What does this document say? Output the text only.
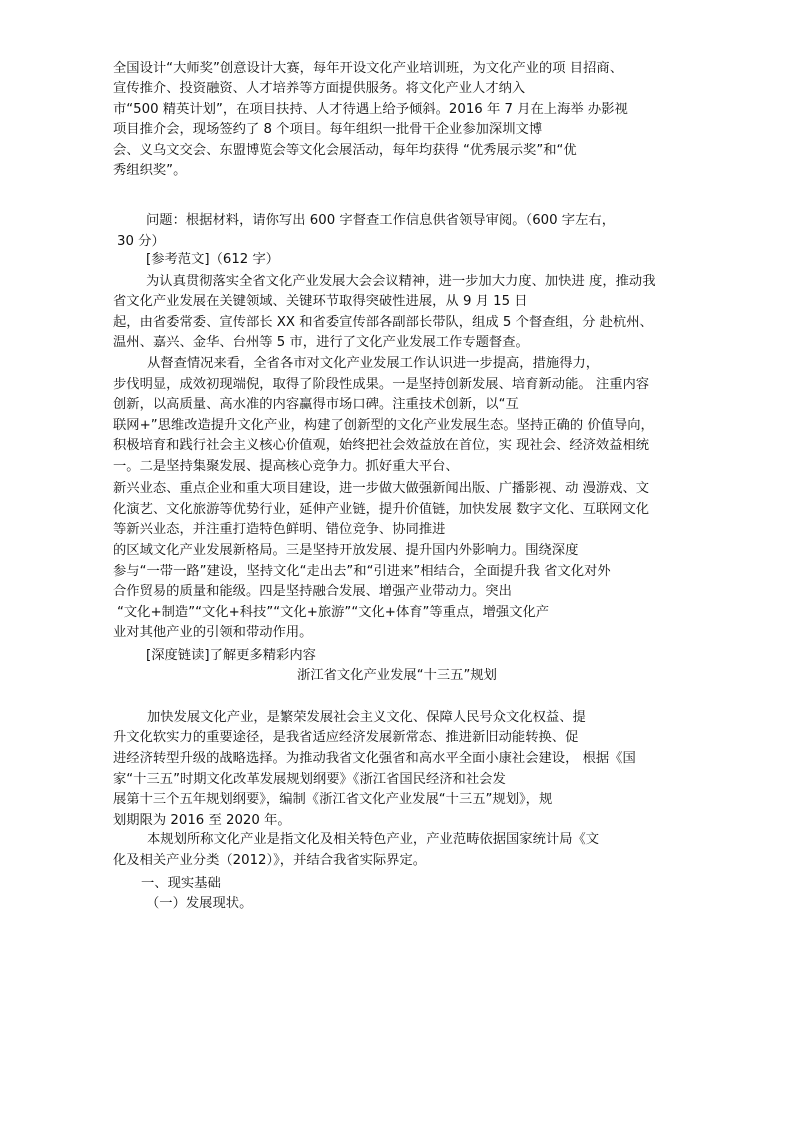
全国设计“大师奖”创意设计大赛，每年开设文化产业培训班，为文化产业的项 目招商、
宣传推介、投资融资、人才培养等方面提供服务。将文化产业人才纳入
市“500 精英计划”，在项目扶持、人才待遇上给予倾斜。2016 年 7 月在上海举 办影视
项目推介会，现场签约了 8 个项目。每年组织一批骨干企业参加深圳文博
会、义乌文交会、东盟博览会等文化会展活动，每年均获得 “优秀展示奖”和“优
秀组织奖”。
问题：根据材料，请你写出 600 字督查工作信息供省领导审阅。（600 字左右，
30 分）
[参考范文]（612 字）
为认真贯彻落实全省文化产业发展大会会议精神，进一步加大力度、加快进 度，推动我
省文化产业发展在关键领域、关键环节取得突破性进展，从 9 月 15 日
起，由省委常委、宣传部长 XX 和省委宣传部各副部长带队，组成 5 个督查组，分 赴杭州、
温州、嘉兴、金华、台州等 5 市，进行了文化产业发展工作专题督查。
从督查情况来看，全省各市对文化产业发展工作认识进一步提高，措施得力，
步伐明显，成效初现端倪，取得了阶段性成果。一是坚持创新发展、培育新动能。 注重内容
创新，以高质量、高水准的内容赢得市场口碑。注重技术创新，以“互
联网+”思维改造提升文化产业，构建了创新型的文化产业发展生态。坚持正确的 价值导向，
积极培育和践行社会主义核心价值观，始终把社会效益放在首位，实 现社会、经济效益相统
一。二是坚持集聚发展、提高核心竞争力。抓好重大平台、
新兴业态、重点企业和重大项目建设，进一步做大做强新闻出版、广播影视、动 漫游戏、文
化演艺、文化旅游等优势行业，延伸产业链，提升价值链，加快发展 数字文化、互联网文化
等新兴业态，并注重打造特色鲜明、错位竞争、协同推进
的区域文化产业发展新格局。三是坚持开放发展、提升国内外影响力。围绕深度
参与“一带一路”建设，坚持文化“走出去”和“引进来”相结合，全面提升我 省文化对外
合作贸易的质量和能级。四是坚持融合发展、增强产业带动力。突出
“文化+制造”“文化+科技”“文化+旅游”“文化+体育”等重点，增强文化产
业对其他产业的引领和带动作用。
[深度链读]了解更多精彩内容
浙江省文化产业发展“十三五”规划
加快发展文化产业，是繁荣发展社会主义文化、保障人民号众文化权益、提
升文化软实力的重要途径，是我省适应经济发展新常态、推进新旧动能转换、促
进经济转型升级的战略选择。为推动我省文化强省和高水平全面小康社会建设， 根据《国
家“十三五”时期文化改革发展规划纲要》《浙江省国民经济和社会发
展第十三个五年规划纲要》，编制《浙江省文化产业发展“十三五”规划》，规
划期限为 2016 至 2020 年。
本规划所称文化产业是指文化及相关特色产业，产业范畴依据国家统计局《文
化及相关产业分类（2012）》，并结合我省实际界定。
一、现实基础
（一）发展现状。
